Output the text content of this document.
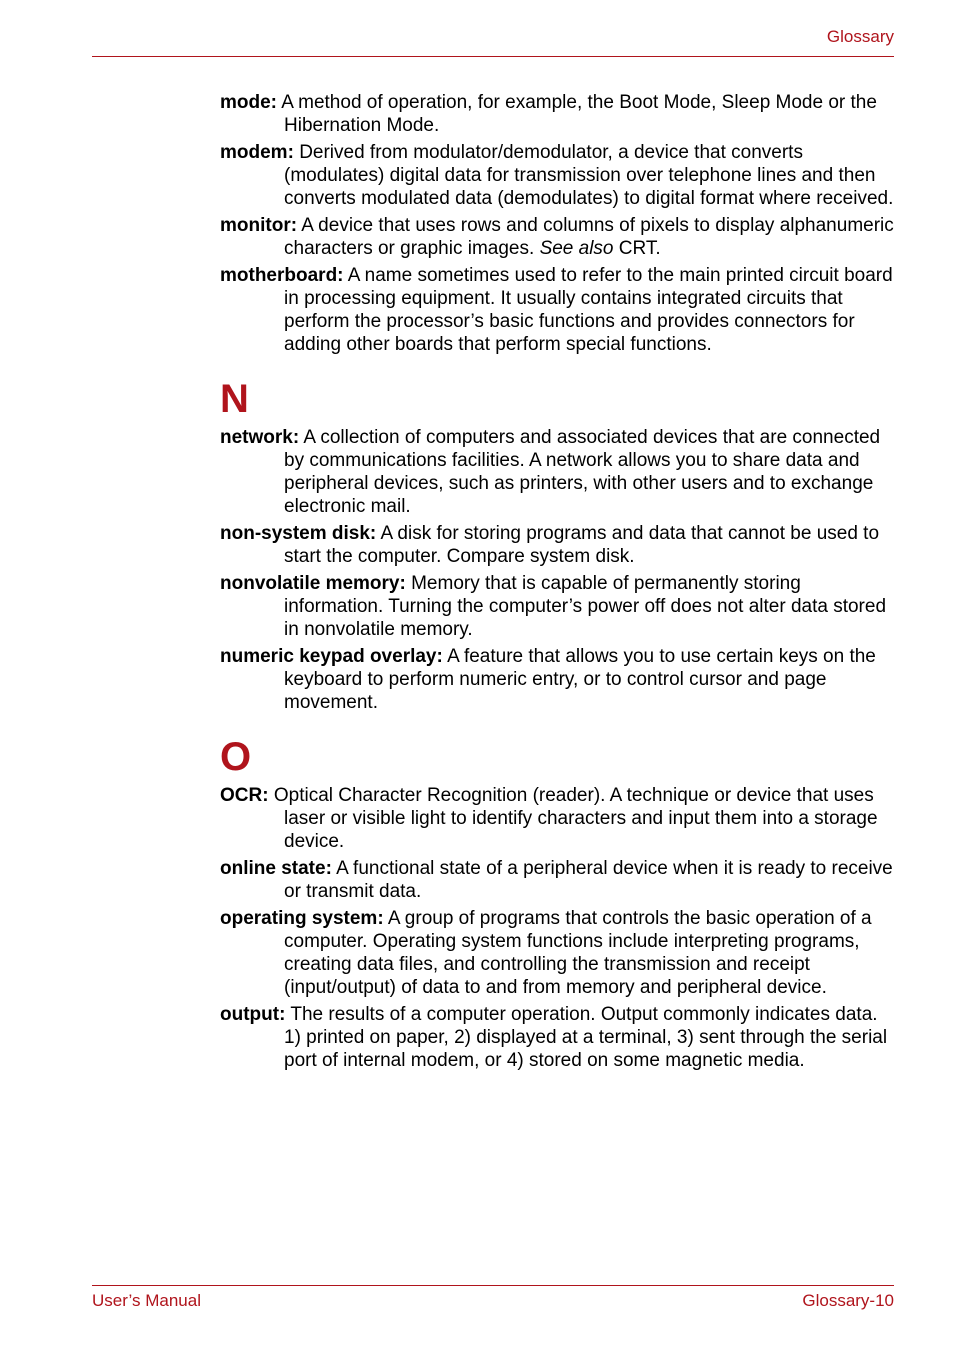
Glossary
mode: A method of operation, for example, the Boot Mode, Sleep Mode or the Hibernation Mode.
modem: Derived from modulator/demodulator, a device that converts (modulates) digital data for transmission over telephone lines and then converts modulated data (demodulates) to digital format where received.
monitor: A device that uses rows and columns of pixels to display alphanumeric characters or graphic images. See also CRT.
motherboard: A name sometimes used to refer to the main printed circuit board in processing equipment. It usually contains integrated circuits that perform the processor’s basic functions and provides connectors for adding other boards that perform special functions.
N
network: A collection of computers and associated devices that are connected by communications facilities. A network allows you to share data and peripheral devices, such as printers, with other users and to exchange electronic mail.
non-system disk: A disk for storing programs and data that cannot be used to start the computer. Compare system disk.
nonvolatile memory: Memory that is capable of permanently storing information. Turning the computer’s power off does not alter data stored in nonvolatile memory.
numeric keypad overlay: A feature that allows you to use certain keys on the keyboard to perform numeric entry, or to control cursor and page movement.
O
OCR: Optical Character Recognition (reader). A technique or device that uses laser or visible light to identify characters and input them into a storage device.
online state: A functional state of a peripheral device when it is ready to receive or transmit data.
operating system: A group of programs that controls the basic operation of a computer. Operating system functions include interpreting programs, creating data files, and controlling the transmission and receipt (input/output) of data to and from memory and peripheral device.
output: The results of a computer operation. Output commonly indicates data.
1) printed on paper, 2) displayed at a terminal, 3) sent through the serial port of internal modem, or 4) stored on some magnetic media.
User’s Manual	Glossary-10
